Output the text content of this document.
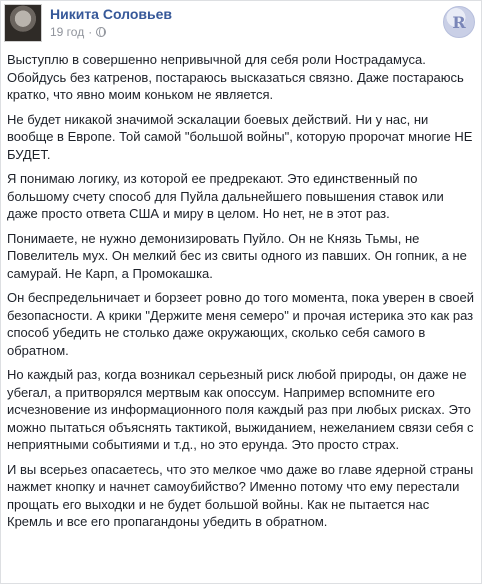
Никита Соловьев
19 год ·
R

Выступлю в совершенно непривычной для себя роли Нострадамуса. Обойдусь без катренов, постараюсь высказаться связно. Даже постараюсь кратко, что явно моим коньком не является.

Не будет никакой значимой эскалации боевых действий. Ни у нас, ни вообще в Европе. Той самой "большой войны", которую пророчат многие НЕ БУДЕТ.

Я понимаю логику, из которой ее предрекают. Это единственный по большому счету способ для Пуйла дальнейшего повышения ставок или даже просто ответа США и миру в целом. Но нет, не в этот раз.

Понимаете, не нужно демонизировать Пуйло. Он не Князь Тьмы, не Повелитель мух. Он мелкий бес из свиты одного из павших. Он гопник, а не самурай. Не Карп, а Промокашка.

Он беспредельничает и борзеет ровно до того момента, пока уверен в своей безопасности. А крики "Держите меня семеро" и прочая истерика это как раз способ убедить не столько даже окружающих, сколько себя самого в обратном.

Но каждый раз, когда возникал серьезный риск любой природы, он даже не убегал, а притворялся мертвым как опоссум. Например вспомните его исчезновение из информационного поля каждый раз при любых рисках. Это можно пытаться объяснять тактикой, выжиданием, нежеланием связи себя с неприятными событиями и т.д., но это ерунда. Это просто страх.

И вы всерьез опасаетесь, что это мелкое чмо даже во главе ядерной страны нажмет кнопку и начнет самоубийство? Именно потому что ему перестали прощать его выходки и не будет большой войны. Как не пытается нас Кремль и все его пропагандоны убедить в обратном.
